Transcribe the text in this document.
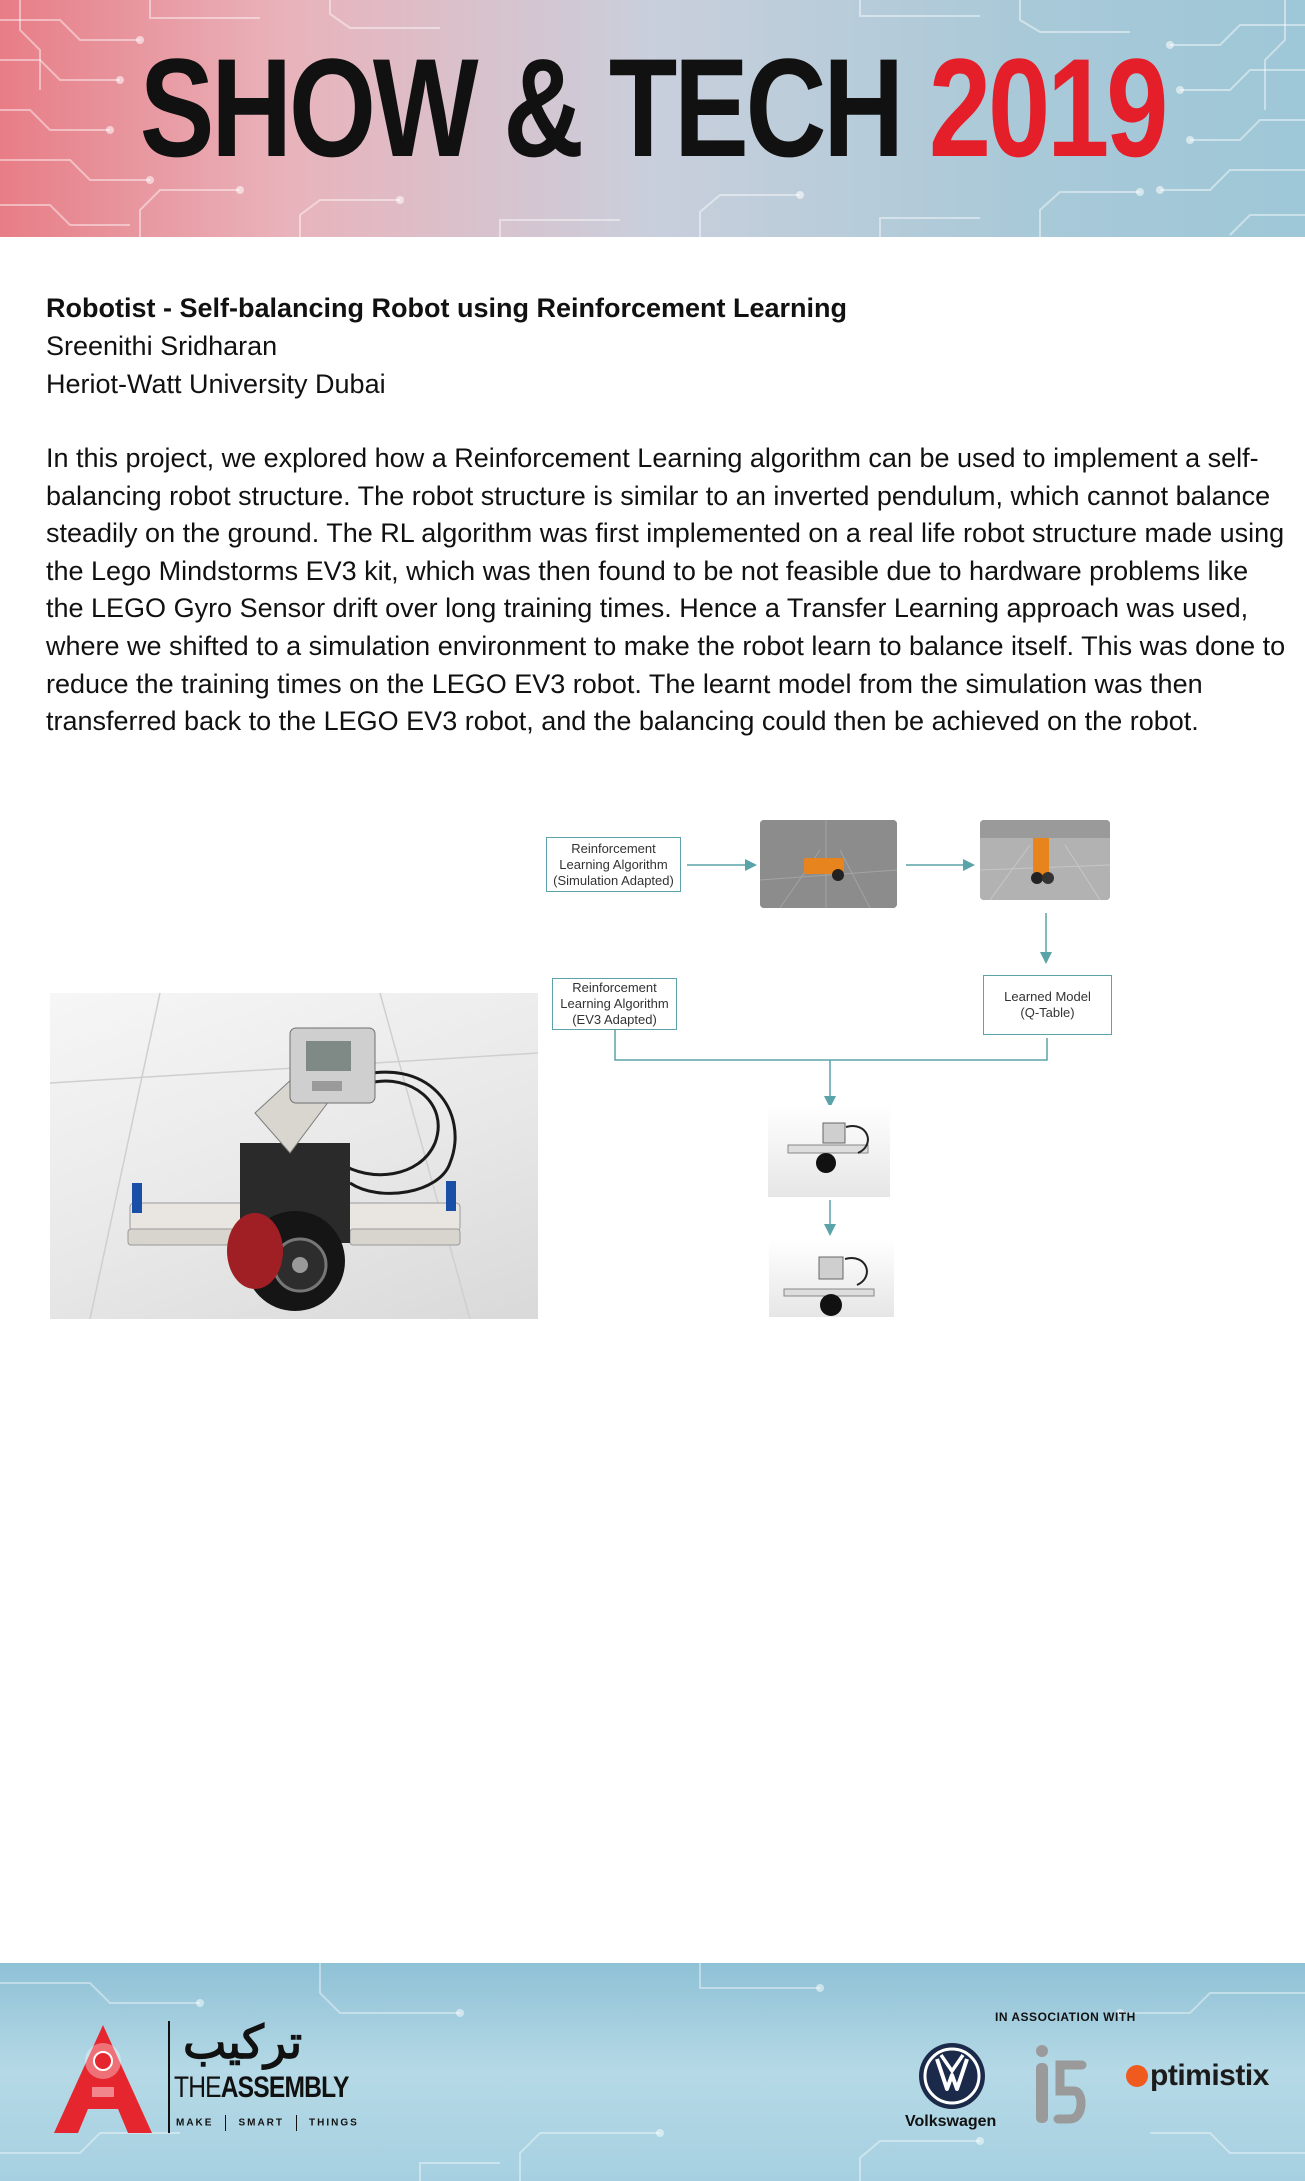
SHOW & TECH 2019
Robotist - Self-balancing Robot using Reinforcement Learning
Sreenithi Sridharan
Heriot-Watt University Dubai

In this project, we explored how a Reinforcement Learning algorithm can be used to implement a self-balancing robot structure. The robot structure is similar to an inverted pendulum, which cannot balance steadily on the ground. The RL algorithm was first implemented on a real life robot structure made using the Lego Mindstorms EV3 kit, which was then found to be not feasible due to hardware problems like the LEGO Gyro Sensor drift over long training times. Hence a Transfer Learning approach was used, where we shifted to a simulation environment to make the robot learn to balance itself. This was done to reduce the training times on the LEGO EV3 robot. The learnt model from the simulation was then transferred back to the LEGO EV3 robot, and the balancing could then be achieved on the robot.

Reinforcement
Learning Algorithm
(Simulation Adapted)
Reinforcement
Learning Algorithm
(EV3 Adapted)
Learned Model
(Q-Table)
تركيب
THEASSEMBLY
MAKE	SMART	THINGS
IN ASSOCIATION WITH
Volkswagen
ptimistix
